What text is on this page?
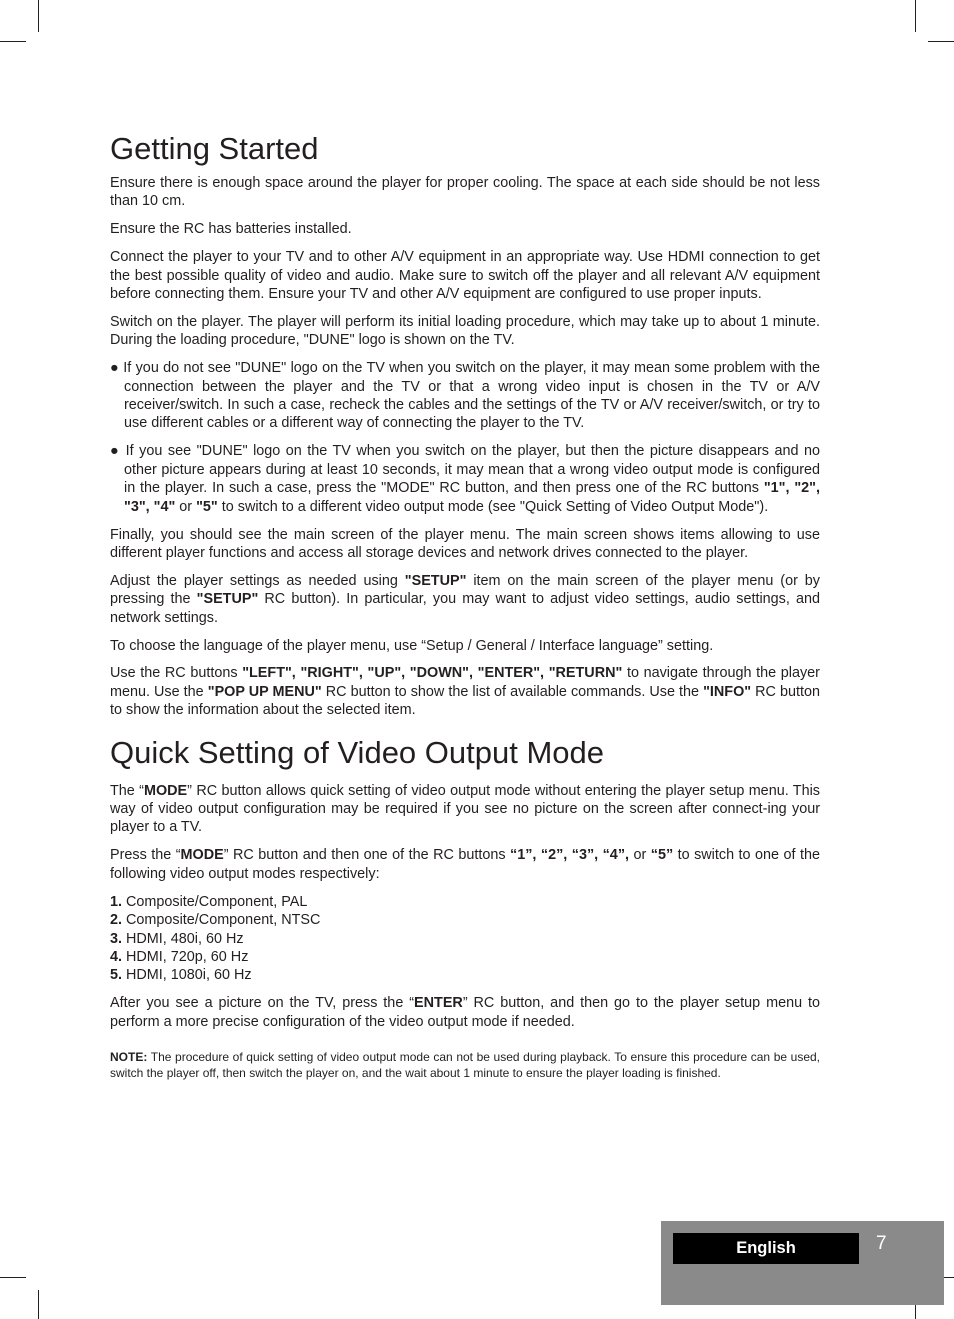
Getting Started

Ensure there is enough space around the player for proper cooling. The space at each side should be not less than 10 cm.

Ensure the RC has batteries installed.

Connect the player to your TV and to other A/V equipment in an appropriate way. Use HDMI connection to get the best possible quality of video and audio. Make sure to switch off the player and all relevant A/V equipment before connecting them. Ensure your TV and other A/V equipment are configured to use proper inputs.

Switch on the player. The player will perform its initial loading procedure, which may take up to about 1 minute. During the loading procedure, "DUNE" logo is shown on the TV.

● If you do not see "DUNE" logo on the TV when you switch on the player, it may mean some problem with the connection between the player and the TV or that a wrong video input is chosen in the TV or A/V receiver/switch. In such a case, recheck the cables and the settings of the TV or A/V receiver/switch, or try to use different cables or a different way of connecting the player to the TV.

● If you see "DUNE" logo on the TV when you switch on the player, but then the picture disappears and no other picture appears during at least 10 seconds, it may mean that a wrong video output mode is configured in the player. In such a case, press the "MODE" RC button, and then press one of the RC buttons "1", "2", "3", "4" or "5" to switch to a different video output mode (see "Quick Setting of Video Output Mode").

Finally, you should see the main screen of the player menu. The main screen shows items allowing to use different player functions and access all storage devices and network drives connected to the player.

Adjust the player settings as needed using "SETUP" item on the main screen of the player menu (or by pressing the "SETUP" RC button). In particular, you may want to adjust video settings, audio settings, and network settings.

To choose the language of the player menu, use “Setup / General / Interface language” setting.

Use the RC buttons "LEFT", "RIGHT", "UP", "DOWN", "ENTER", "RETURN" to navigate through the player menu. Use the "POP UP MENU" RC button to show the list of available commands. Use the "INFO" RC button to show the information about the selected item.

Quick Setting of Video Output Mode

The “MODE” RC button allows quick setting of video output mode without entering the player setup menu. This way of video output configuration may be required if you see no picture on the screen after connect-ing your player to a TV.

Press the “MODE” RC button and then one of the RC buttons “1”, “2”, “3”, “4”, or “5” to switch to one of the following video output modes respectively:

1. Composite/Component, PAL
2. Composite/Component, NTSC
3. HDMI, 480i, 60 Hz
4. HDMI, 720p, 60 Hz
5. HDMI, 1080i, 60 Hz

After you see a picture on the TV, press the “ENTER” RC button, and then go to the player setup menu to perform a more precise configuration of the video output mode if needed.

NOTE: The procedure of quick setting of video output mode can not be used during playback. To ensure this procedure can be used, switch the player off, then switch the player on, and the wait about 1 minute to ensure the player loading is finished.

English	7
